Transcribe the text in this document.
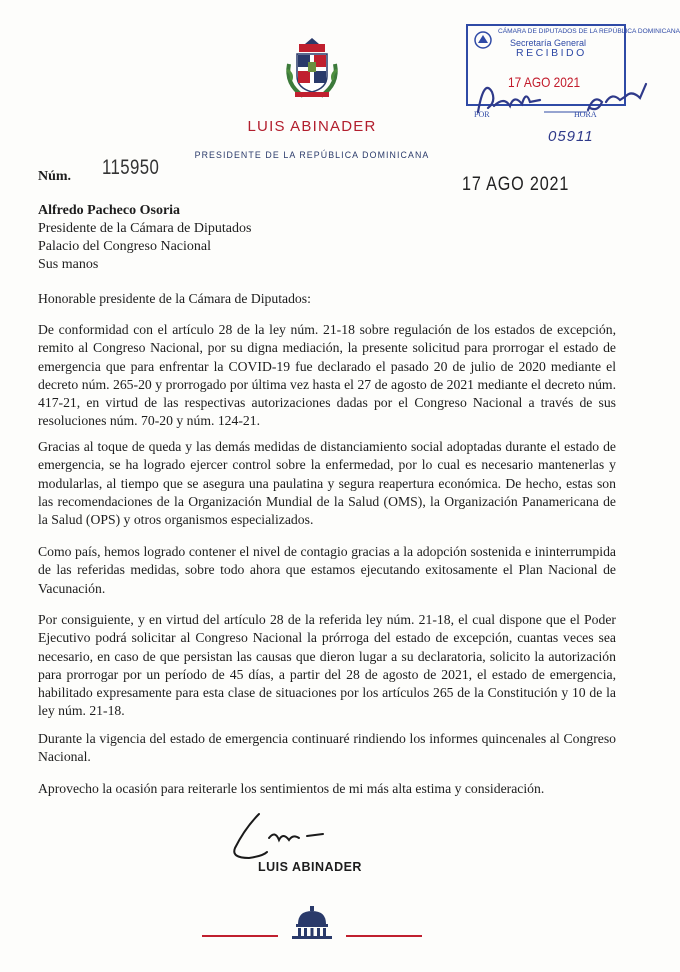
LUIS ABINADER
PRESIDENTE DE LA REPÚBLICA DOMINICANA
CÁMARA DE DIPUTADOS DE LA REPÚBLICA DOMINICANA
Secretaría General
RECIBIDO
17 AGO 2021
POR	HORA
05911
Núm. 115950
17 AGO 2021
Alfredo Pacheco Osoria
Presidente de la Cámara de Diputados
Palacio del Congreso Nacional
Sus manos
Honorable presidente de la Cámara de Diputados:
De conformidad con el artículo 28 de la ley núm. 21-18 sobre regulación de los estados de excepción, remito al Congreso Nacional, por su digna mediación, la presente solicitud para prorrogar el estado de emergencia que para enfrentar la COVID-19 fue declarado el pasado 20 de julio de 2020 mediante el decreto núm. 265-20 y prorrogado por última vez hasta el 27 de agosto de 2021 mediante el decreto núm. 417-21, en virtud de las respectivas autorizaciones dadas por el Congreso Nacional a través de sus resoluciones núm. 70-20 y núm. 124-21.
Gracias al toque de queda y las demás medidas de distanciamiento social adoptadas durante el estado de emergencia, se ha logrado ejercer control sobre la enfermedad, por lo cual es necesario mantenerlas y modularlas, al tiempo que se asegura una paulatina y segura reapertura económica. De hecho, estas son las recomendaciones de la Organización Mundial de la Salud (OMS), la Organización Panamericana de la Salud (OPS) y otros organismos especializados.
Como país, hemos logrado contener el nivel de contagio gracias a la adopción sostenida e ininterrumpida de las referidas medidas, sobre todo ahora que estamos ejecutando exitosamente el Plan Nacional de Vacunación.
Por consiguiente, y en virtud del artículo 28 de la referida ley núm. 21-18, el cual dispone que el Poder Ejecutivo podrá solicitar al Congreso Nacional la prórroga del estado de excepción, cuantas veces sea necesario, en caso de que persistan las causas que dieron lugar a su declaratoria, solicito la autorización para prorrogar por un período de 45 días, a partir del 28 de agosto de 2021, el estado de emergencia, habilitado expresamente para esta clase de situaciones por los artículos 265 de la Constitución y 10 de la ley núm. 21-18.
Durante la vigencia del estado de emergencia continuaré rindiendo los informes quincenales al Congreso Nacional.
Aprovecho la ocasión para reiterarle los sentimientos de mi más alta estima y consideración.
LUIS ABINADER
